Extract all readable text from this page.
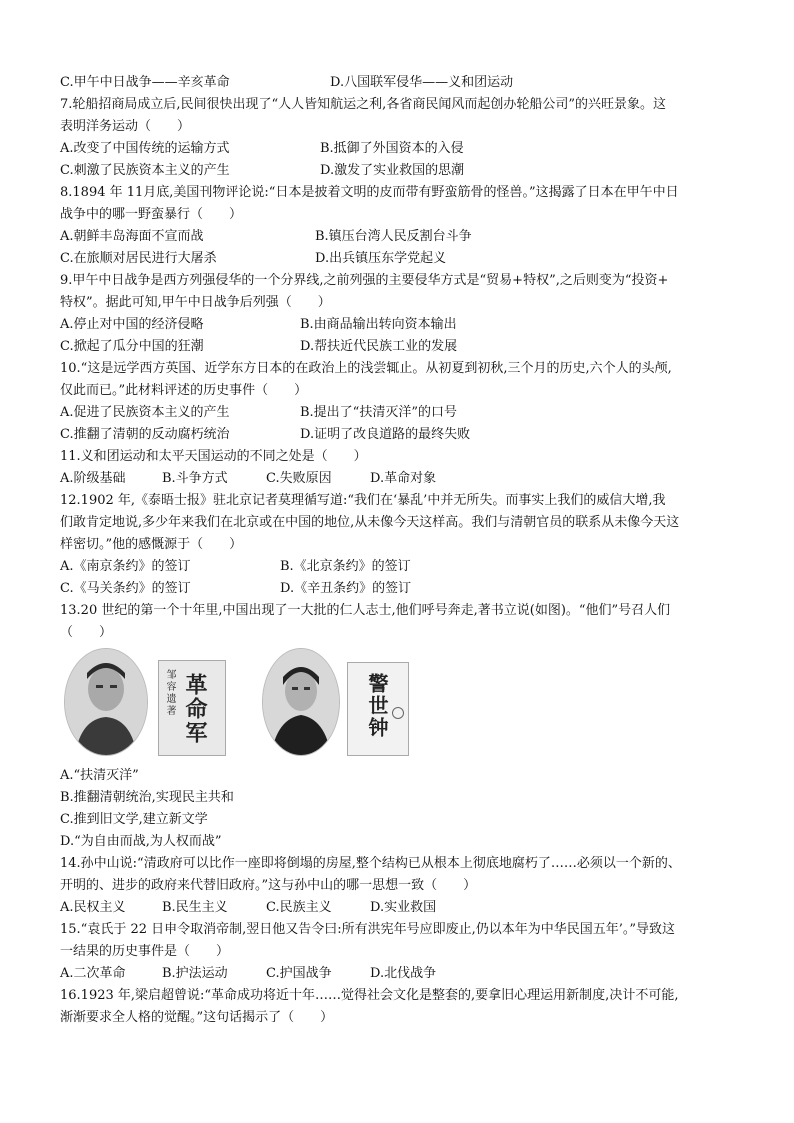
C.甲午中日战争——辛亥革命	D.八国联军侵华——义和团运动
7.轮船招商局成立后,民间很快出现了“人人皆知航运之利,各省商民闻风而起创办轮船公司”的兴旺景象。这
表明洋务运动（　　）
A.改变了中国传统的运输方式	B.抵御了外国资本的入侵
C.刺激了民族资本主义的产生	D.激发了实业救国的思潮
8.1894 年 11月底,美国刊物评论说:“日本是披着文明的皮而带有野蛮筋骨的怪兽。”这揭露了日本在甲午中日
战争中的哪一野蛮暴行（　　）
A.朝鲜丰岛海面不宣而战	B.镇压台湾人民反割台斗争
C.在旅顺对居民进行大屠杀	D.出兵镇压东学党起义
9.甲午中日战争是西方列强侵华的一个分界线,之前列强的主要侵华方式是“贸易+特权”,之后则变为“投资+
特权”。据此可知,甲午中日战争后列强（　　）
A.停止对中国的经济侵略	B.由商品输出转向资本输出
C.掀起了瓜分中国的狂潮	D.帮扶近代民族工业的发展
10.“这是远学西方英国、近学东方日本的在政治上的浅尝辄止。从初夏到初秋,三个月的历史,六个人的头颅,
仅此而已。”此材料评述的历史事件（　　）
A.促进了民族资本主义的产生	B.提出了“扶清灭洋”的口号
C.推翻了清朝的反动腐朽统治	D.证明了改良道路的最终失败
11.义和团运动和太平天国运动的不同之处是（　　）
A.阶级基础	B.斗争方式	C.失败原因	D.革命对象
12.1902 年,《泰晤士报》驻北京记者莫理循写道:“我们在‘暴乱’中并无所失。而事实上我们的威信大增,我
们敢肯定地说,多少年来我们在北京或在中国的地位,从未像今天这样高。我们与清朝官员的联系从未像今天这
样密切。”他的感慨源于（　　）
A.《南京条约》的签订	B.《北京条约》的签订
C.《马关条约》的签订	D.《辛丑条约》的签订
13.20 世纪的第一个十年里,中国出现了一大批的仁人志士,他们呼号奔走,著书立说(如图)。“他们”号召人们
（　　）
邹容遗著 革命军	警世钟
A.“扶清灭洋”
B.推翻清朝统治,实现民主共和
C.推到旧文学,建立新文学
D.“为自由而战,为人权而战”
14.孙中山说:“清政府可以比作一座即将倒塌的房屋,整个结构已从根本上彻底地腐朽了……必须以一个新的、
开明的、进步的政府来代替旧政府。”这与孙中山的哪一思想一致（　　）
A.民权主义	B.民生主义	C.民族主义	D.实业救国
15.“袁氏于 22 日申令取消帝制,翌日他又告令曰:所有洪宪年号应即废止,仍以本年为中华民国五年’。”导致这
一结果的历史事件是（　　）
A.二次革命	B.护法运动	C.护国战争	D.北伐战争
16.1923 年,梁启超曾说:“革命成功将近十年……觉得社会文化是整套的,要拿旧心理运用新制度,决计不可能,
渐渐要求全人格的觉醒。”这句话揭示了（　　）
